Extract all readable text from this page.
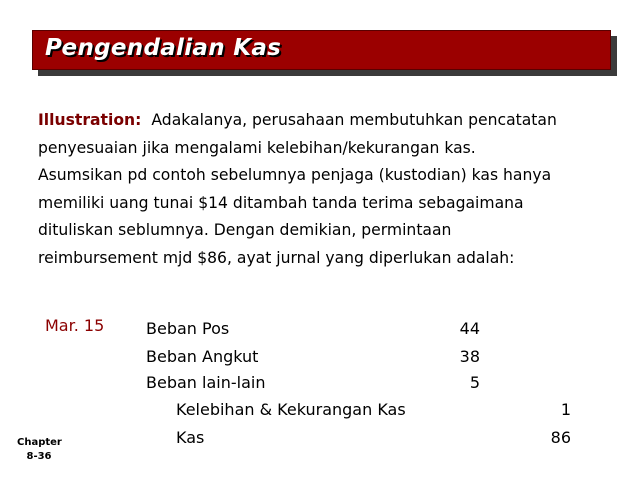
Pengendalian Kas
Illustration: Adakalanya, perusahaan membutuhkan pencatatan
penyesuaian jika mengalami kelebihan/kekurangan kas.
Asumsikan pd contoh sebelumnya penjaga (kustodian) kas hanya
memiliki uang tunai $14 ditambah tanda terima sebagaimana
dituliskan seblumnya. Dengan demikian, permintaan
reimbursement mjd $86, ayat jurnal yang diperlukan adalah:
Mar. 15	Beban Pos	44
Beban Angkut	38
Beban lain-lain	5
Kelebihan & Kekurangan Kas	1
Kas	86
Chapter
8-36
